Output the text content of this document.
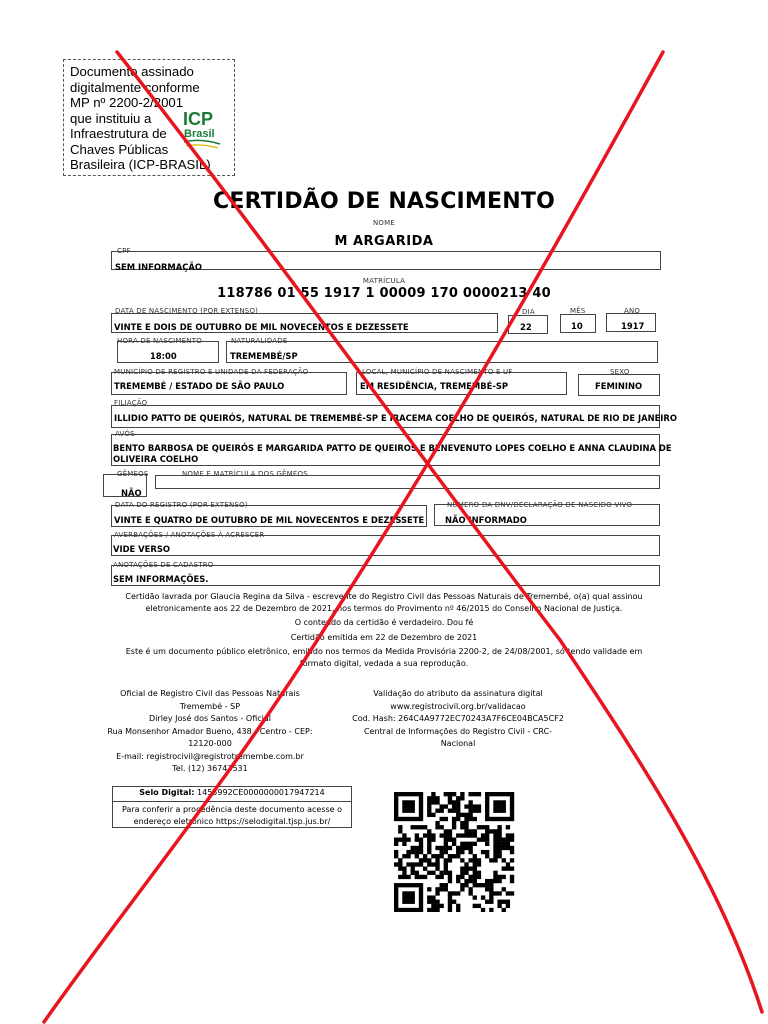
Documento assinado
digitalmente conforme
MP nº 2200-2/2001
que instituiu a
Infraestrutura de
Chaves Públicas
Brasileira (ICP-BRASIL)
ICP
Brasil
CERTIDÃO DE NASCIMENTO
NOME
M ARGARIDA
CPF
SEM INFORMAÇÃO
MATRÍCULA
118786 01 55 1917 1 00009 170 0000213 40
DATA DE NASCIMENTO (POR EXTENSO)
VINTE E DOIS DE OUTUBRO DE MIL NOVECENTOS E DEZESSETE
DIA
22
MÊS
10
ANO
1917
HORA DE NASCIMENTO
18:00
NATURALIDADE
TREMEMBÉ/SP
MUNICÍPIO DE REGISTRO E UNIDADE DA FEDERAÇÃO
TREMEMBÉ / ESTADO DE SÃO PAULO
LOCAL, MUNICÍPIO DE NASCIMENTO E UF
EM RESIDÊNCIA, TREMEMBÉ-SP
SEXO
FEMININO
FILIAÇÃO
ILLIDIO PATTO DE QUEIRÓS, NATURAL DE TREMEMBÉ-SP E IRACEMA COELHO DE QUEIRÓS, NATURAL DE RIO DE JANEIRO
AVÓS
BENTO BARBOSA DE QUEIRÓS E MARGARIDA PATTO DE QUEIROS E BENEVENUTO LOPES COELHO E ANNA CLAUDINA DE
OLIVEIRA COELHO
GÊMEOS
NÃO
NOME E MATRÍCULA DOS GÊMEOS
DATA DO REGISTRO (POR EXTENSO)
VINTE E QUATRO DE OUTUBRO DE MIL NOVECENTOS E DEZESSETE
NÚMERO DA DNV/DECLARAÇÃO DE NASCIDO VIVO
NÃO INFORMADO
AVERBAÇÕES / ANOTAÇÕES À ACRESCER
VIDE VERSO
ANOTAÇÕES DE CADASTRO
SEM INFORMAÇÕES.
Certidão lavrada por Glaucia Regina da Silva - escrevente do Registro Civil das Pessoas Naturais de Tremembé, o(a) qual assinou
eletronicamente aos 22 de Dezembro de 2021, nos termos do Provimento nº 46/2015 do Conselho Nacional de Justiça.
O conteúdo da certidão é verdadeiro. Dou fé
Certidão emitida em 22 de Dezembro de 2021
Este é um documento público eletrônico, emitido nos termos da Medida Provisória 2200-2, de 24/08/2001, só tendo validade em
formato digital, vedada a sua reprodução.
Oficial de Registro Civil das Pessoas Naturais
Tremembé - SP
Dirley José dos Santos - Oficial
Rua Monsenhor Amador Bueno, 438 - Centro - CEP:
12120-000
E-mail: registrocivil@registrotremembe.com.br
Tel. (12) 36743531
Validação do atributo da assinatura digital
www.registrocivil.org.br/validacao
Cod. Hash: 264C4A9772EC70243A7F6CE04BCA5CF2
Central de Informações do Registro Civil - CRC-
Nacional
Selo Digital: 1455992CE0000000017947214
Para conferir a procedência deste documento acesse o
endereço eletrônico https://selodigital.tjsp.jus.br/
